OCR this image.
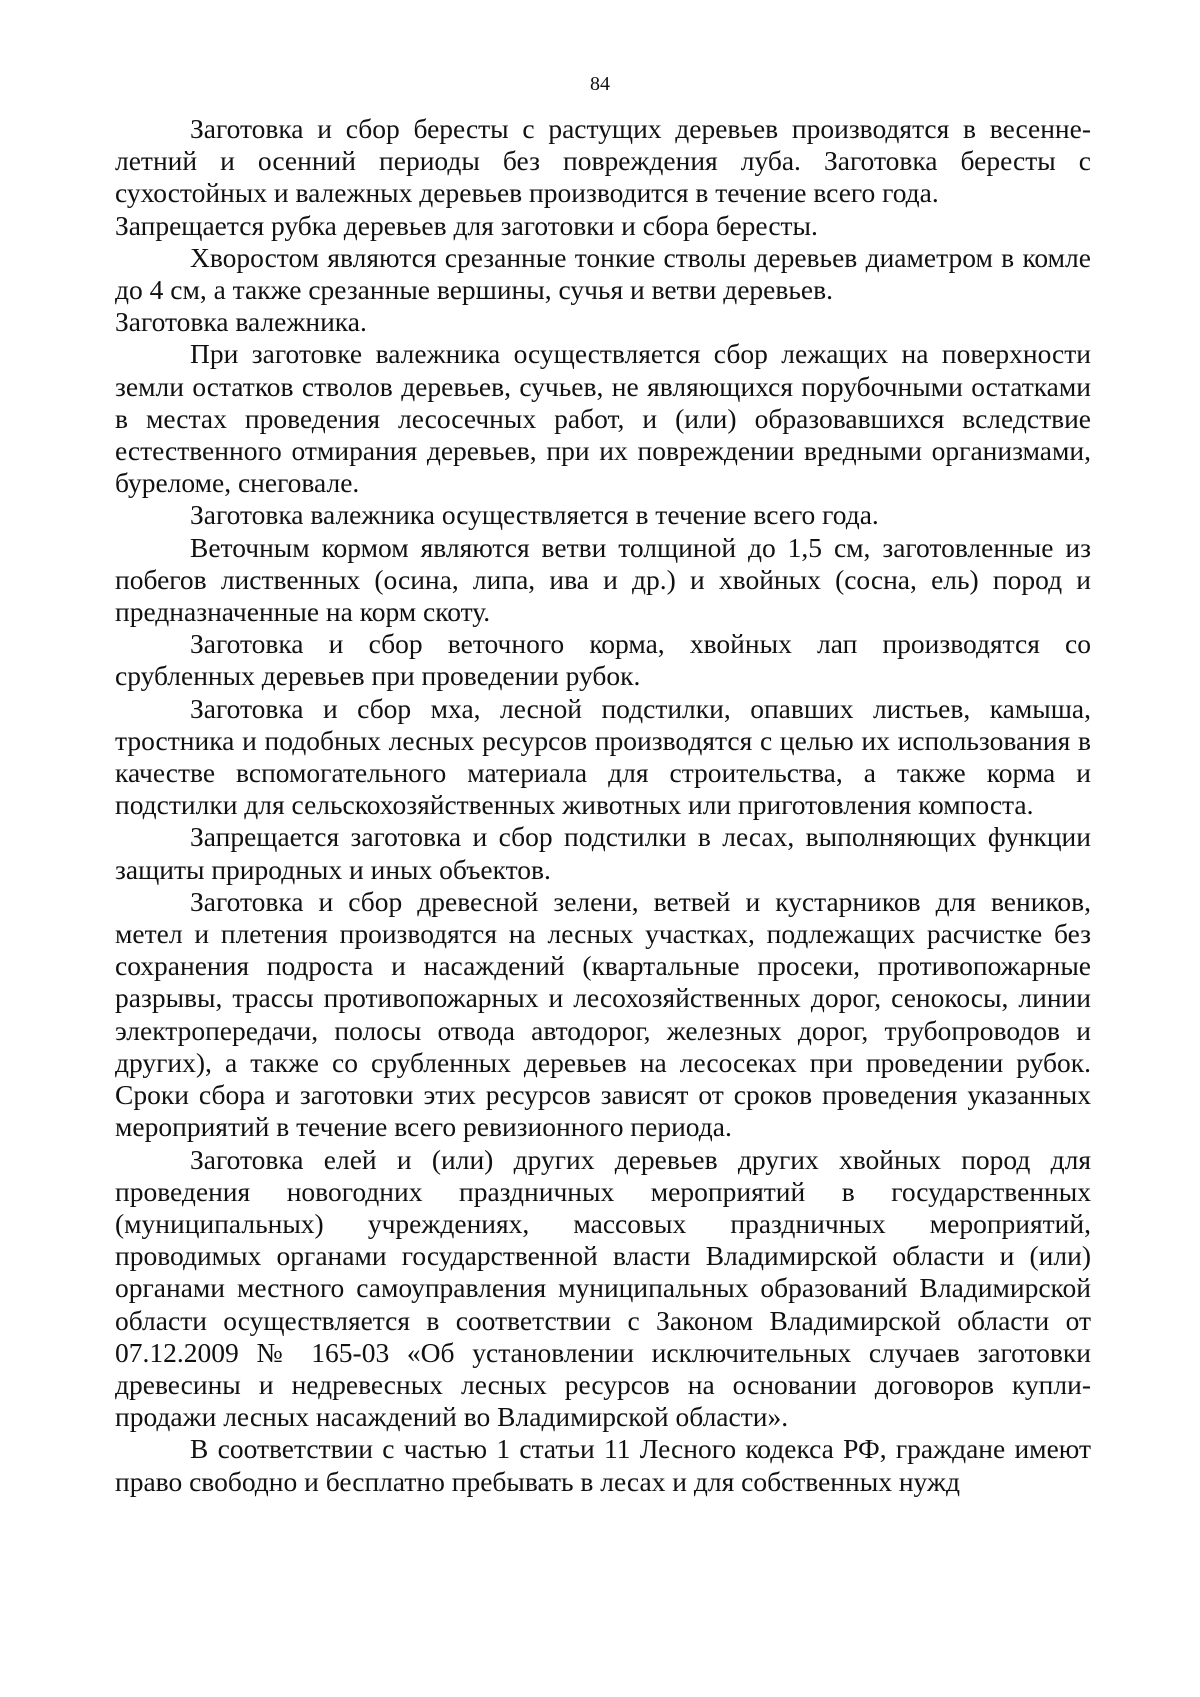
84

Заготовка и сбор бересты с растущих деревьев производятся в весенне-летний и осенний периоды без повреждения луба. Заготовка бересты с сухостойных и валежных деревьев производится в течение всего года.

Запрещается рубка деревьев для заготовки и сбора бересты.

Хворостом являются срезанные тонкие стволы деревьев диаметром в комле до 4 см, а также срезанные вершины, сучья и ветви деревьев.

Заготовка валежника.

При заготовке валежника осуществляется сбор лежащих на поверхности земли остатков стволов деревьев, сучьев, не являющихся порубочными остатками в местах проведения лесосечных работ, и (или) образовавшихся вследствие естественного отмирания деревьев, при их повреждении вредными организмами, буреломе, снеговале.

Заготовка валежника осуществляется в течение всего года.

Веточным кормом являются ветви толщиной до 1,5 см, заготовленные из побегов лиственных (осина, липа, ива и др.) и хвойных (сосна, ель) пород и предназначенные на корм скоту.

Заготовка и сбор веточного корма, хвойных лап производятся со срубленных деревьев при проведении рубок.

Заготовка и сбор мха, лесной подстилки, опавших листьев, камыша, тростника и подобных лесных ресурсов производятся с целью их использования в качестве вспомогательного материала для строительства, а также корма и подстилки для сельскохозяйственных животных или приготовления компоста.

Запрещается заготовка и сбор подстилки в лесах, выполняющих функции защиты природных и иных объектов.

Заготовка и сбор древесной зелени, ветвей и кустарников для веников, метел и плетения производятся на лесных участках, подлежащих расчистке без сохранения подроста и насаждений (квартальные просеки, противопожарные разрывы, трассы противопожарных и лесохозяйственных дорог, сенокосы, линии электропередачи, полосы отвода автодорог, железных дорог, трубопроводов и других), а также со срубленных деревьев на лесосеках при проведении рубок. Сроки сбора и заготовки этих ресурсов зависят от сроков проведения указанных мероприятий в течение всего ревизионного периода.

Заготовка елей и (или) других деревьев других хвойных пород для проведения новогодних праздничных мероприятий в государственных (муниципальных) учреждениях, массовых праздничных мероприятий, проводимых органами государственной власти Владимирской области и (или) органами местного самоуправления муниципальных образований Владимирской области осуществляется в соответствии с Законом Владимирской области от 07.12.2009 № 165-03 «Об установлении исключительных случаев заготовки древесины и недревесных лесных ресурсов на основании договоров купли-продажи лесных насаждений во Владимирской области».

В соответствии с частью 1 статьи 11 Лесного кодекса РФ, граждане имеют право свободно и бесплатно пребывать в лесах и для собственных нужд
